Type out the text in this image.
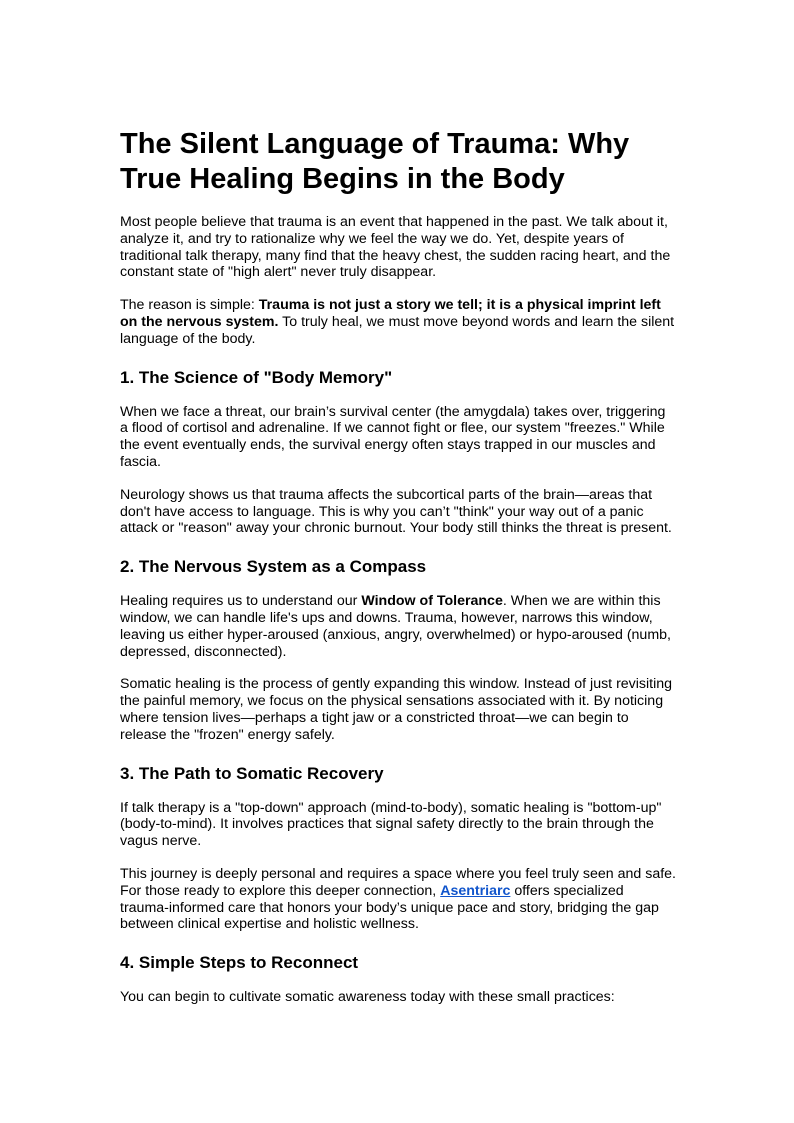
The Silent Language of Trauma: Why True Healing Begins in the Body

Most people believe that trauma is an event that happened in the past. We talk about it, analyze it, and try to rationalize why we feel the way we do. Yet, despite years of traditional talk therapy, many find that the heavy chest, the sudden racing heart, and the constant state of "high alert" never truly disappear.

The reason is simple: Trauma is not just a story we tell; it is a physical imprint left on the nervous system. To truly heal, we must move beyond words and learn the silent language of the body.

1. The Science of "Body Memory"

When we face a threat, our brain’s survival center (the amygdala) takes over, triggering a flood of cortisol and adrenaline. If we cannot fight or flee, our system "freezes." While the event eventually ends, the survival energy often stays trapped in our muscles and fascia.

Neurology shows us that trauma affects the subcortical parts of the brain—areas that don't have access to language. This is why you can’t "think" your way out of a panic attack or "reason" away your chronic burnout. Your body still thinks the threat is present.

2. The Nervous System as a Compass

Healing requires us to understand our Window of Tolerance. When we are within this window, we can handle life's ups and downs. Trauma, however, narrows this window, leaving us either hyper-aroused (anxious, angry, overwhelmed) or hypo-aroused (numb, depressed, disconnected).

Somatic healing is the process of gently expanding this window. Instead of just revisiting the painful memory, we focus on the physical sensations associated with it. By noticing where tension lives—perhaps a tight jaw or a constricted throat—we can begin to release the "frozen" energy safely.

3. The Path to Somatic Recovery

If talk therapy is a "top-down" approach (mind-to-body), somatic healing is "bottom-up" (body-to-mind). It involves practices that signal safety directly to the brain through the vagus nerve.

This journey is deeply personal and requires a space where you feel truly seen and safe. For those ready to explore this deeper connection, Asentriarc offers specialized trauma-informed care that honors your body’s unique pace and story, bridging the gap between clinical expertise and holistic wellness.

4. Simple Steps to Reconnect

You can begin to cultivate somatic awareness today with these small practices:
